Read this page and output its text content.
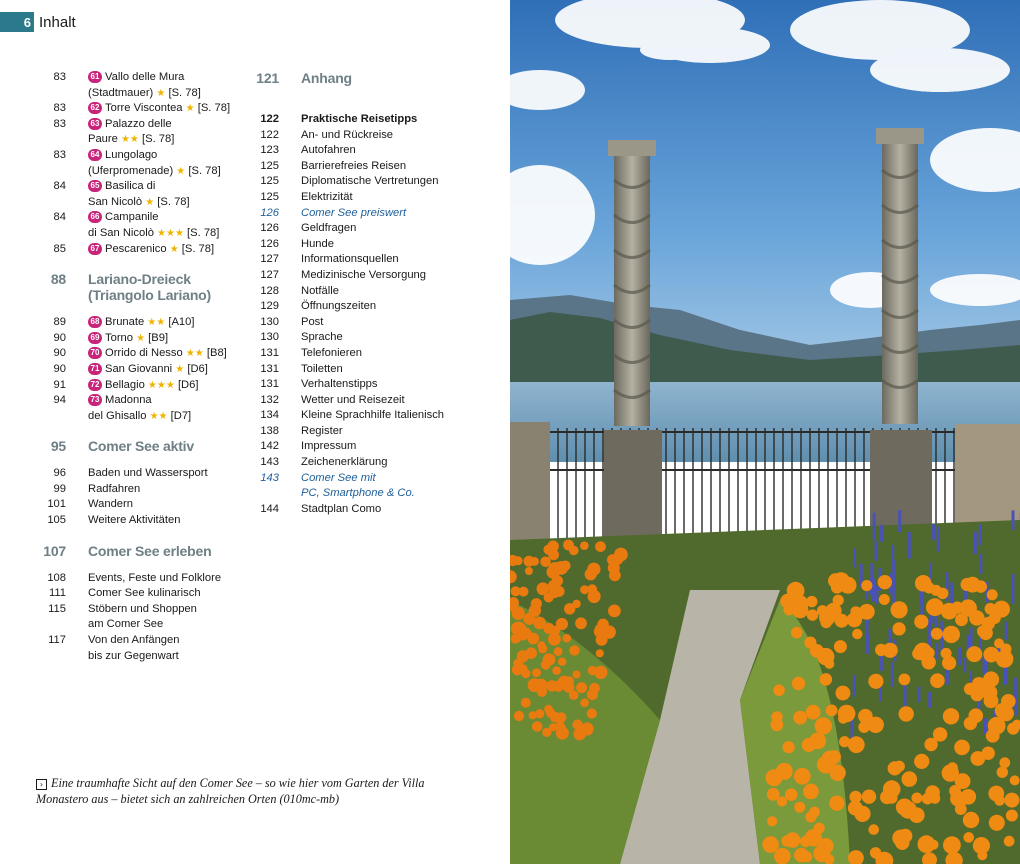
6 Inhalt
83	61 Vallo delle Mura
(Stadtmauer) ★ [S. 78]
83	62 Torre Viscontea ★ [S. 78]
83	63 Palazzo delle
Paure ★★ [S. 78]
83	64 Lungolago
(Uferpromenade) ★ [S. 78]
84	65 Basilica di
San Nicolò ★ [S. 78]
84	66 Campanile
di San Nicolò ★★★ [S. 78]
85	67 Pescarenico ★ [S. 78]
88 Lariano-Dreieck
(Triangolo Lariano)
89	68 Brunate ★★ [A10]
90	69 Torno ★ [B9]
90	70 Orrido di Nesso ★★ [B8]
90	71 San Giovanni ★ [D6]
91	72 Bellagio ★★★ [D6]
94	73 Madonna
del Ghisallo ★★ [D7]
95 Comer See aktiv
96 Baden und Wassersport
99 Radfahren
101 Wandern
105 Weitere Aktivitäten
107 Comer See erleben
108 Events, Feste und Folklore
111 Comer See kulinarisch
115 Stöbern und Shoppen
am Comer See
117 Von den Anfängen
bis zur Gegenwart
121 Anhang
122 Praktische Reisetipps
122 An- und Rückreise
123 Autofahren
125 Barrierefreies Reisen
125 Diplomatische Vertretungen
125 Elektrizität
126 Comer See preiswert
126 Geldfragen
126 Hunde
127 Informationsquellen
127 Medizinische Versorgung
128 Notfälle
129 Öffnungszeiten
130 Post
130 Sprache
131 Telefonieren
131 Toiletten
131 Verhaltenstipps
132 Wetter und Reisezeit
134 Kleine Sprachhilfe Italienisch
138 Register
142 Impressum
143 Zeichenerklärung
143 Comer See mit
PC, Smartphone & Co.
144 Stadtplan Como
› Eine traumhafte Sicht auf den Comer See – so wie hier vom Garten der Villa Monastero aus – bietet sich an zahlreichen Orten (010mc-mb)
